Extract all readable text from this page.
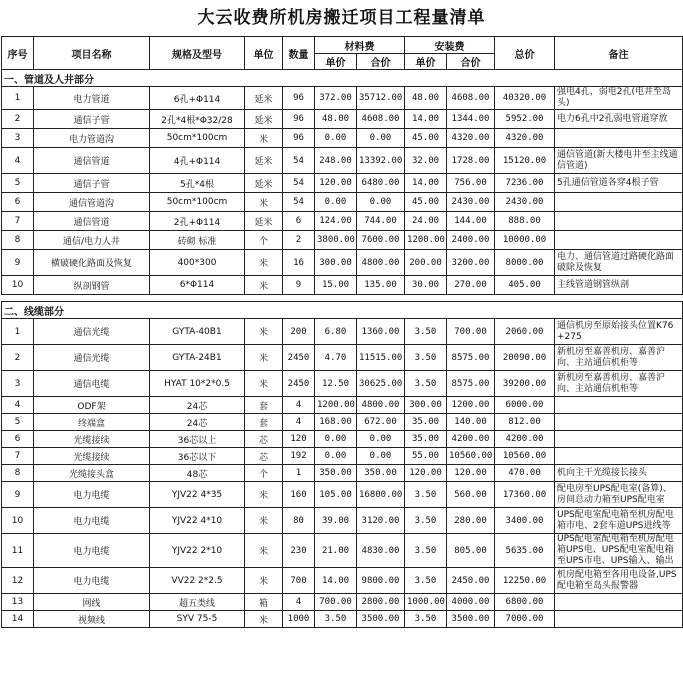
大云收费所机房搬迁项目工程量清单
序号	项目名称	规格及型号	单位	数量	材料费		安装费		总价	备注
					单价	合价	单价	合价		
一、管道及人井部分										
1	电力管道	6孔+Φ114	延米	96	372.00	35712.00	48.00	4608.00	40320.00	强电4孔，弱电2孔(电井至岛头)
2	通信子管	2孔*4根*Φ32/28	延米	96	48.00	4608.00	14.00	1344.00	5952.00	电力6孔中2孔弱电管道穿放
3	电力管道沟	50cm*100cm	米	96	0.00	0.00	45.00	4320.00	4320.00	
4	通信管道	4孔+Φ114	延米	54	248.00	13392.00	32.00	1728.00	15120.00	通信管道(新大楼电井至主线通信管道)
5	通信子管	5孔*4根	延米	54	120.00	6480.00	14.00	756.00	7236.00	5孔通信管道各穿4根子管
6	通信管道沟	50cm*100cm	米	54	0.00	0.00	45.00	2430.00	2430.00	
7	通信管道	2孔+Φ114	延米	6	124.00	744.00	24.00	144.00	888.00	
8	通信/电力人井	砖砌 标准	个	2	3800.00	7600.00	1200.00	2400.00	10000.00	
9	横破硬化路面及恢复	400*300	米	16	300.00	4800.00	200.00	3200.00	8000.00	电力、通信管道过路硬化路面破除及恢复
10	纵剖钢管	6*Φ114	米	9	15.00	135.00	30.00	270.00	405.00	主线管道钢管纵剖

二、线缆部分										
1	通信光缆	GYTA-40B1	米	200	6.80	1360.00	3.50	700.00	2060.00	通信机房至原始接头位置K76+275
2	通信光缆	GYTA-24B1	米	2450	4.70	11515.00	3.50	8575.00	20090.00	新机房至嘉善机房、嘉善沪向、主站通信机柜等
3	通信电缆	HYAT 10*2*0.5	米	2450	12.50	30625.00	3.50	8575.00	39200.00	新机房至嘉善机房、嘉善沪向、主站通信机柜等
4	ODF架	24芯	套	4	1200.00	4800.00	300.00	1200.00	6000.00	
5	终端盒	24芯	套	4	168.00	672.00	35.00	140.00	812.00	
6	光缆接续	36芯以上	芯	120	0.00	0.00	35.00	4200.00	4200.00	
7	光缆接续	36芯以下	芯	192	0.00	0.00	55.00	10560.00	10560.00	
8	光缆接头盒	48芯	个	1	350.00	350.00	120.00	120.00	470.00	机向主干光缆接长接头
9	电力电缆	YJV22 4*35	米	160	105.00	16800.00	3.50	560.00	17360.00	配电房至UPS配电室(备算)、房间总动力箱至UPS配电室
10	电力电缆	YJV22 4*10	米	80	39.00	3120.00	3.50	280.00	3400.00	UPS配电室配电箱至机房配电箱市电、2套车道UPS进线等
11	电力电缆	YJV22 2*10	米	230	21.00	4830.00	3.50	805.00	5635.00	UPS配电室配电箱至机房配电箱UPS电、UPS配电室配电箱至UPS市电、UPS输入、输出
12	电力电缆	VV22 2*2.5	米	700	14.00	9800.00	3.50	2450.00	12250.00	机房配电箱至各用电设备,UPS配电箱至岛头报警器
13	网线	超五类线	箱	4	700.00	2800.00	1000.00	4000.00	6800.00	
14	视频线	SYV 75-5	米	1000	3.50	3500.00	3.50	3500.00	7000.00	
